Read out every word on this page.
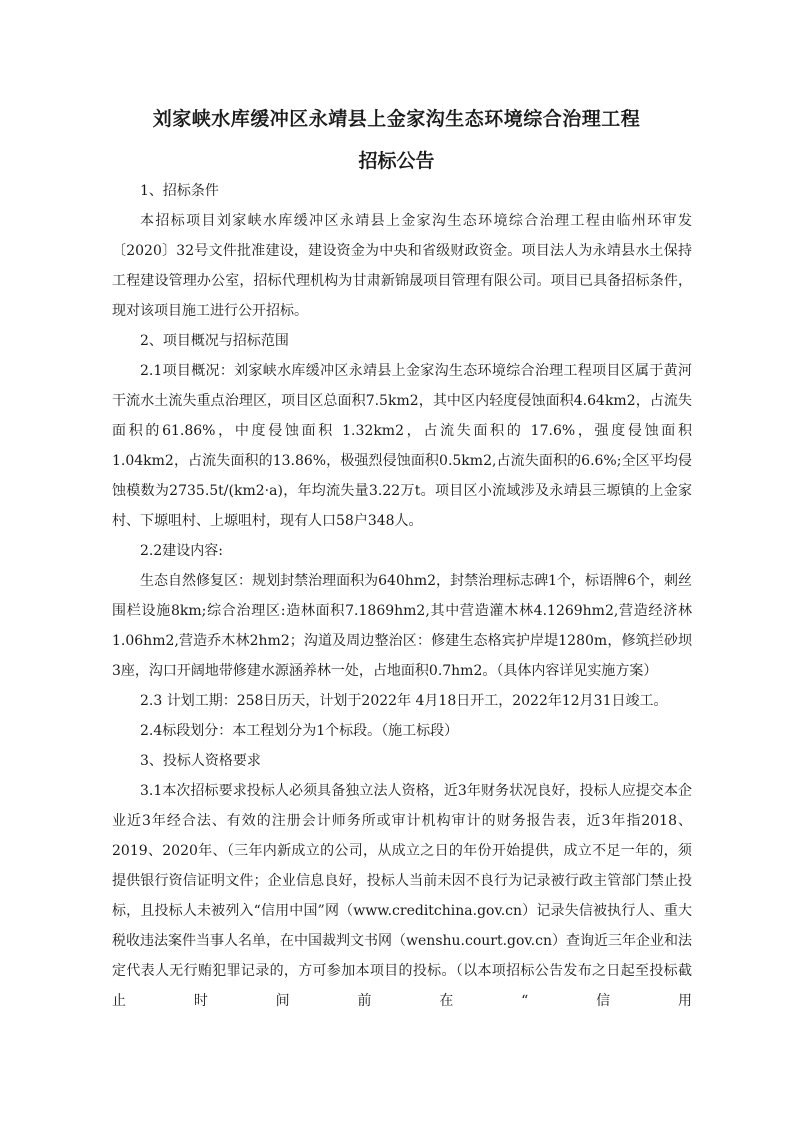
刘家峡水库缓冲区永靖县上金家沟生态环境综合治理工程
招标公告

1、招标条件

本招标项目刘家峡水库缓冲区永靖县上金家沟生态环境综合治理工程由临州环审发〔2020〕32号文件批准建设，建设资金为中央和省级财政资金。项目法人为永靖县水土保持工程建设管理办公室，招标代理机构为甘肃新锦晟项目管理有限公司。项目已具备招标条件，现对该项目施工进行公开招标。

2、项目概况与招标范围

2.1项目概况：刘家峡水库缓冲区永靖县上金家沟生态环境综合治理工程项目区属于黄河干流水土流失重点治理区，项目区总面积7.5km2，其中区内轻度侵蚀面积4.64km2，占流失面积的61.86%，中度侵蚀面积 1.32km2，占流失面积的 17.6%，强度侵蚀面积1.04km2，占流失面积的13.86%，极强烈侵蚀面积0.5km2,占流失面积的6.6%;全区平均侵蚀模数为2735.5t/(km2·a)，年均流失量3.22万t。项目区小流域涉及永靖县三塬镇的上金家村、下塬咀村、上塬咀村，现有人口58户348人。

2.2建设内容:

生态自然修复区：规划封禁治理面积为640hm2，封禁治理标志碑1个，标语牌6个，刺丝围栏设施8km;综合治理区:造林面积7.1869hm2,其中营造灌木林4.1269hm2,营造经济林1.06hm2,营造乔木林2hm2；沟道及周边整治区：修建生态格宾护岸堤1280m，修筑拦砂坝3座，沟口开阔地带修建水源涵养林一处，占地面积0.7hm2。（具体内容详见实施方案）

2.3 计划工期：258日历天，计划于2022年 4月18日开工，2022年12月31日竣工。

2.4标段划分：本工程划分为1个标段。（施工标段）

3、投标人资格要求

3.1本次招标要求投标人必须具备独立法人资格，近3年财务状况良好，投标人应提交本企业近3年经合法、有效的注册会计师务所或审计机构审计的财务报告表，近3年指2018、2019、2020年、（三年内新成立的公司，从成立之日的年份开始提供，成立不足一年的，须提供银行资信证明文件；企业信息良好，投标人当前未因不良行为记录被行政主管部门禁止投标，且投标人未被列入“信用中国”网（www.creditchina.gov.cn）记录失信被执行人、重大税收违法案件当事人名单，在中国裁判文书网（wenshu.court.gov.cn）查询近三年企业和法定代表人无行贿犯罪记录的，方可参加本项目的投标。（以本项招标公告发布之日起至投标截止时间前在“信用
